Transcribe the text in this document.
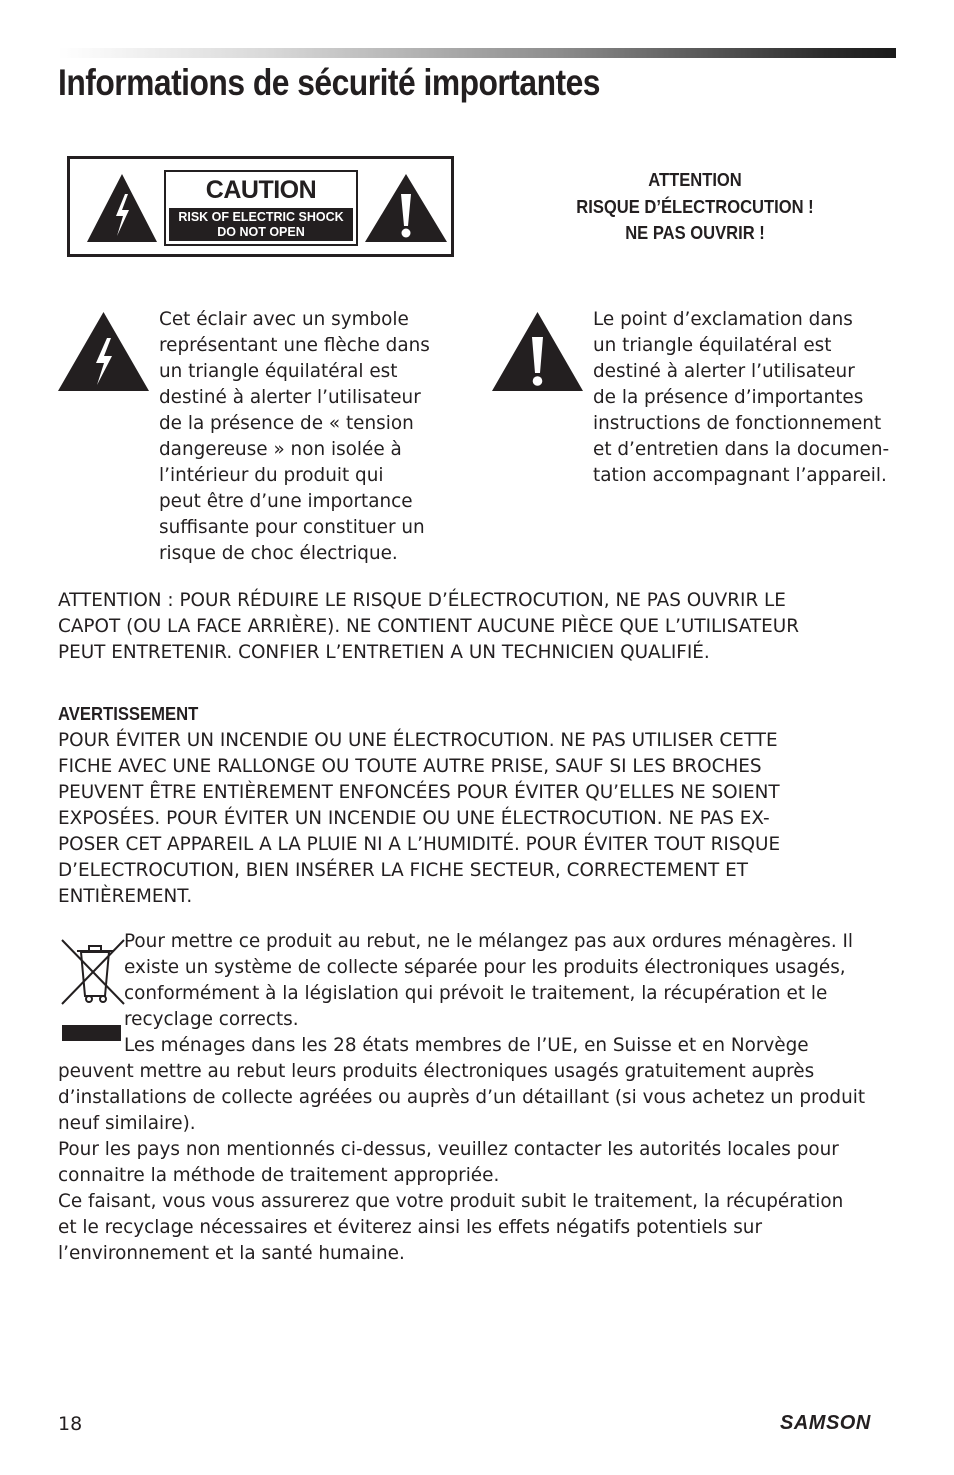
Informations de sécurité importantes
CAUTION
RISK OF ELECTRIC SHOCK
DO NOT OPEN
ATTENTION
RISQUE D’ÉLECTROCUTION !
NE PAS OUVRIR !
Cet éclair avec un symbole
représentant une flèche dans
un triangle équilatéral est
destiné à alerter l’utilisateur
de la présence de « tension
dangereuse » non isolée à
l’intérieur du produit qui
peut être d’une importance
suffisante pour constituer un
risque de choc électrique.
Le point d’exclamation dans
un triangle équilatéral est
destiné à alerter l’utilisateur
de la présence d’importantes
instructions de fonctionnement
et d’entretien dans la documen-
tation accompagnant l’appareil.
ATTENTION : POUR RÉDUIRE LE RISQUE D’ÉLECTROCUTION, NE PAS OUVRIR LE
CAPOT (OU LA FACE ARRIÈRE). NE CONTIENT AUCUNE PIÈCE QUE L’UTILISATEUR
PEUT ENTRETENIR. CONFIER L’ENTRETIEN A UN TECHNICIEN QUALIFIÉ.
AVERTISSEMENT
POUR ÉVITER UN INCENDIE OU UNE ÉLECTROCUTION. NE PAS UTILISER CETTE
FICHE AVEC UNE RALLONGE OU TOUTE AUTRE PRISE, SAUF SI LES BROCHES
PEUVENT ÊTRE ENTIÈREMENT ENFONCÉES POUR ÉVITER QU’ELLES NE SOIENT
EXPOSÉES. POUR ÉVITER UN INCENDIE OU UNE ÉLECTROCUTION. NE PAS EX-
POSER CET APPAREIL A LA PLUIE NI A L’HUMIDITÉ. POUR ÉVITER TOUT RISQUE
D’ELECTROCUTION, BIEN INSÉRER LA FICHE SECTEUR, CORRECTEMENT ET
ENTIÈREMENT.
Pour mettre ce produit au rebut, ne le mélangez pas aux ordures ménagères. Il
existe un système de collecte séparée pour les produits électroniques usagés,
conformément à la législation qui prévoit le traitement, la récupération et le
recyclage corrects.
Les ménages dans les 28 états membres de l’UE, en Suisse et en Norvège
peuvent mettre au rebut leurs produits électroniques usagés gratuitement auprès
d’installations de collecte agréées ou auprès d’un détaillant (si vous achetez un produit
neuf similaire).
Pour les pays non mentionnés ci-dessus, veuillez contacter les autorités locales pour
connaitre la méthode de traitement appropriée.
Ce faisant, vous vous assurerez que votre produit subit le traitement, la récupération
et le recyclage nécessaires et éviterez ainsi les effets négatifs potentiels sur
l’environnement et la santé humaine.
18	SAMSON
